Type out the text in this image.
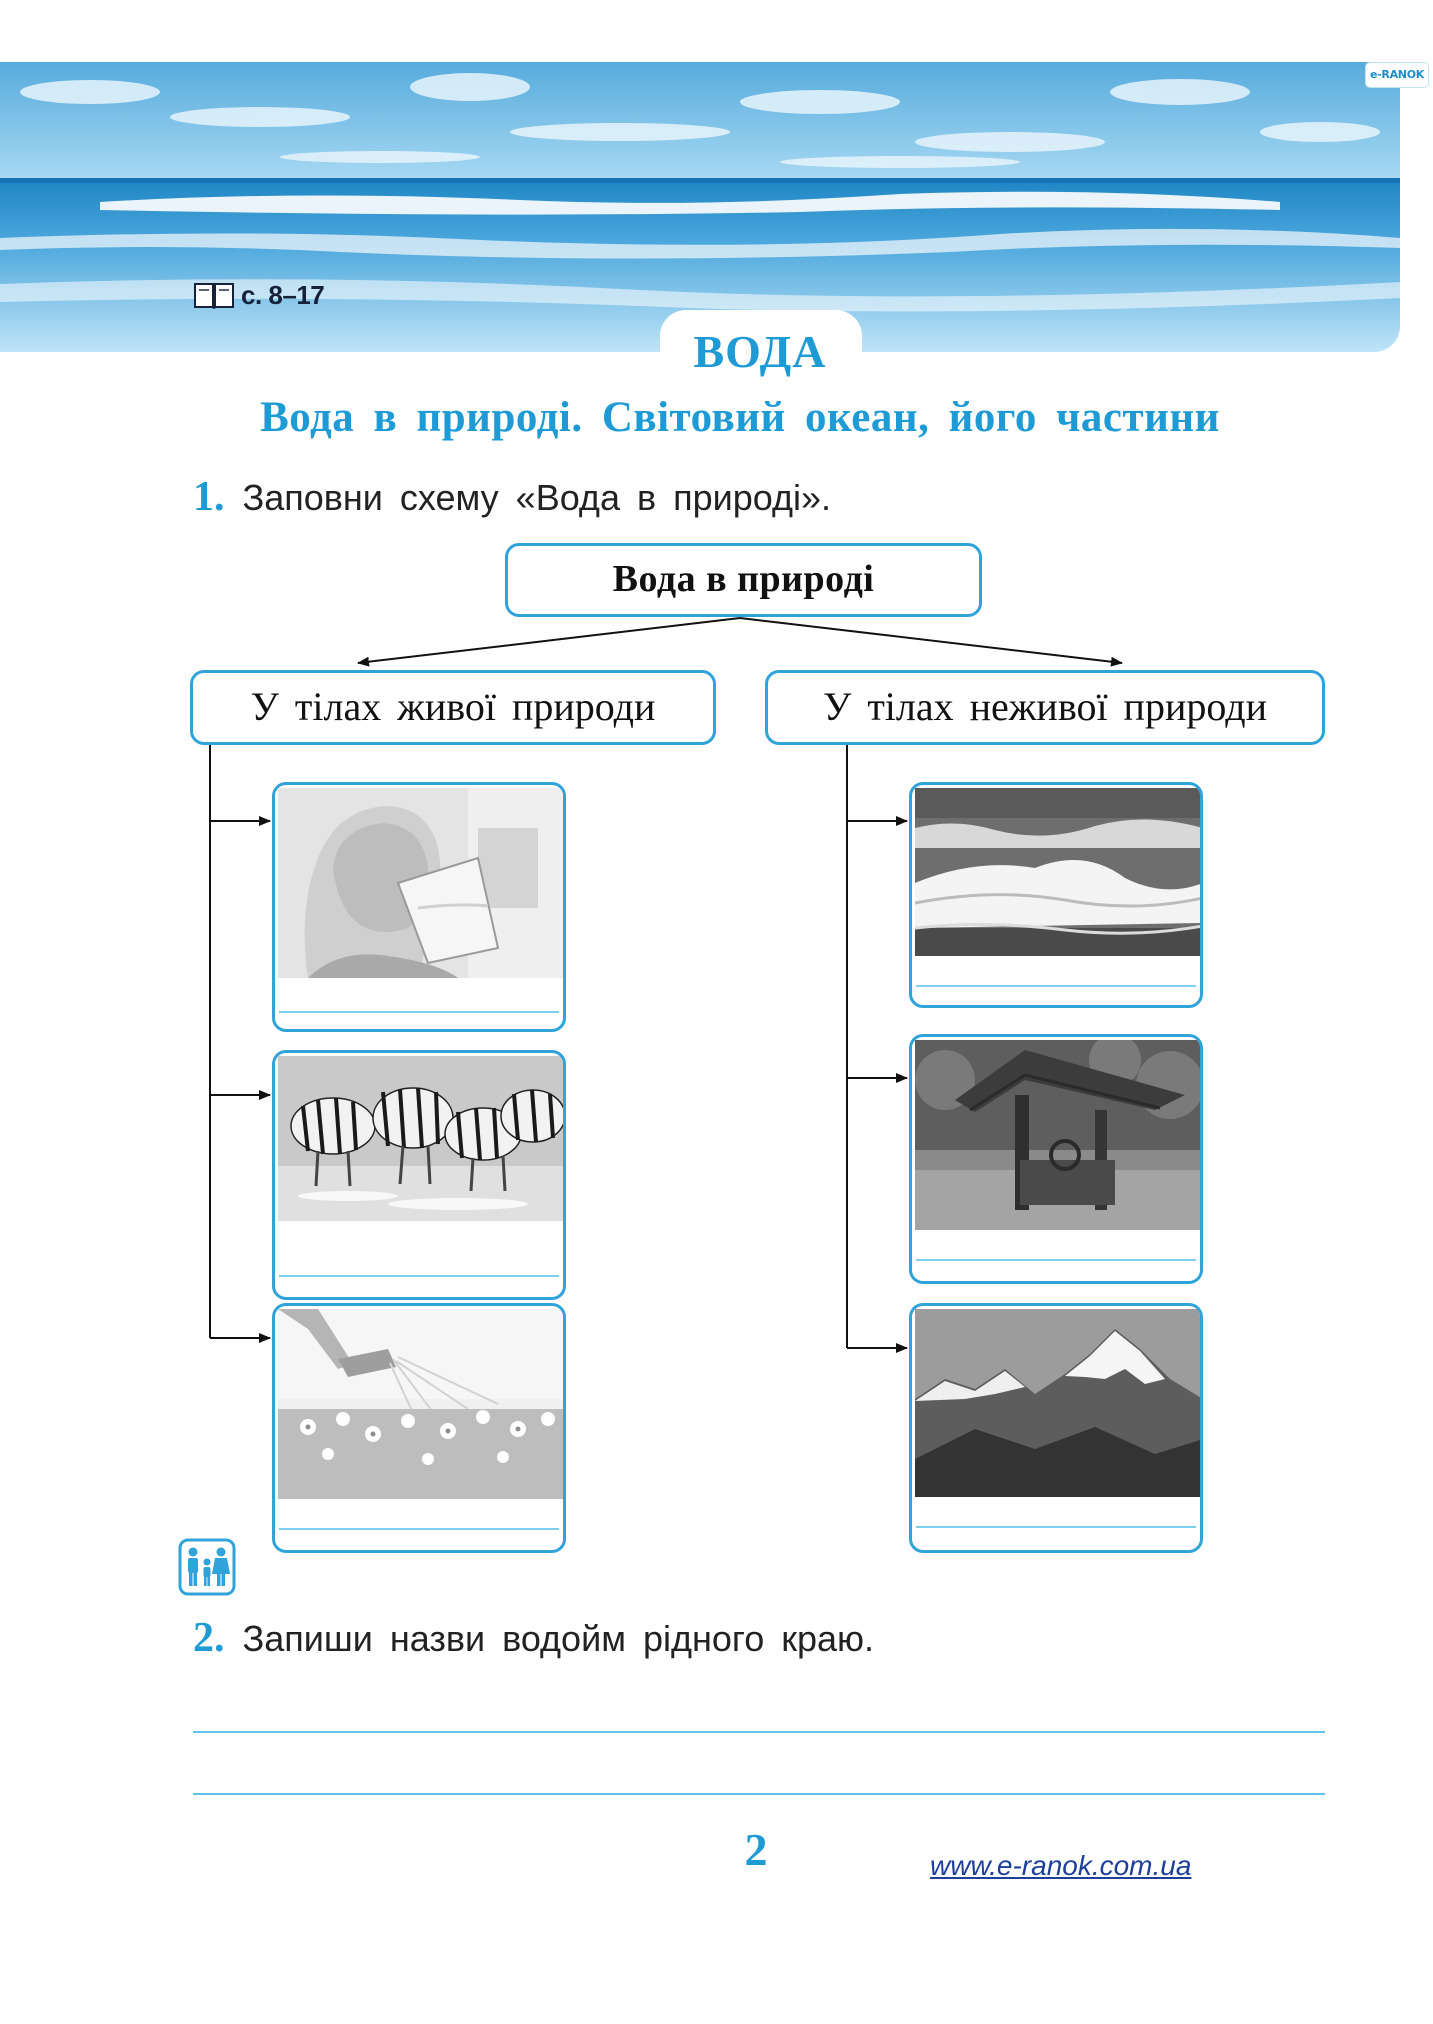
e-RANOK
с. 8–17
ВОДА
Вода в природі. Світовий океан, його частини
1. Заповни схему «Вода в природі».
Вода в природі
У тілах живої природи	У тілах неживої природи
2. Запиши назви водойм рідного краю.
2	www.e-ranok.com.ua
